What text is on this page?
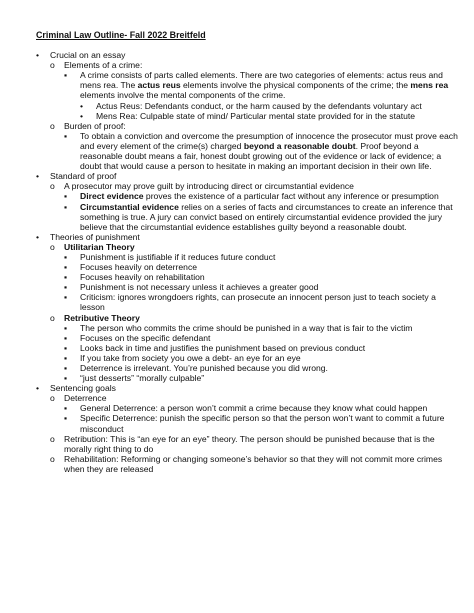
Criminal Law Outline- Fall 2022 Breitfeld
•	Crucial on an essay
o	Elements of a crime:
▪	A crime consists of parts called elements. There are two categories of elements: actus reus and mens rea. The actus reus elements involve the physical components of the crime; the mens rea elements involve the mental components of the crime.
•	Actus Reus: Defendants conduct, or the harm caused by the defendants voluntary act
•	Mens Rea: Culpable state of mind/ Particular mental state provided for in the statute
o	Burden of proof:
▪	To obtain a conviction and overcome the presumption of innocence the prosecutor must prove each and every element of the crime(s) charged beyond a reasonable doubt. Proof beyond a reasonable doubt means a fair, honest doubt growing out of the evidence or lack of evidence; a doubt that would cause a person to hesitate in making an important decision in their own life.
•	Standard of proof
o	A prosecutor may prove guilt by introducing direct or circumstantial evidence
▪	Direct evidence proves the existence of a particular fact without any inference or presumption
▪	Circumstantial evidence relies on a series of facts and circumstances to create an inference that something is true. A jury can convict based on entirely circumstantial evidence provided the jury believe that the circumstantial evidence establishes guilty beyond a reasonable doubt.
•	Theories of punishment
o	Utilitarian Theory
▪	Punishment is justifiable if it reduces future conduct
▪	Focuses heavily on deterrence
▪	Focuses heavily on rehabilitation
▪	Punishment is not necessary unless it achieves a greater good
▪	Criticism: ignores wrongdoers rights, can prosecute an innocent person just to teach society a lesson
o	Retributive Theory
▪	The person who commits the crime should be punished in a way that is fair to the victim
▪	Focuses on the specific defendant
▪	Looks back in time and justifies the punishment based on previous conduct
▪	If you take from society you owe a debt- an eye for an eye
▪	Deterrence is irrelevant. You’re punished because you did wrong.
▪	“just desserts” “morally culpable”
•	Sentencing goals
o	Deterrence
▪	General Deterrence: a person won’t commit a crime because they know what could happen
▪	Specific Deterrence: punish the specific person so that the person won’t want to commit a future misconduct
o	Retribution: This is “an eye for an eye” theory. The person should be punished because that is the morally right thing to do
o	Rehabilitation: Reforming or changing someone’s behavior so that they will not commit more crimes when they are released
